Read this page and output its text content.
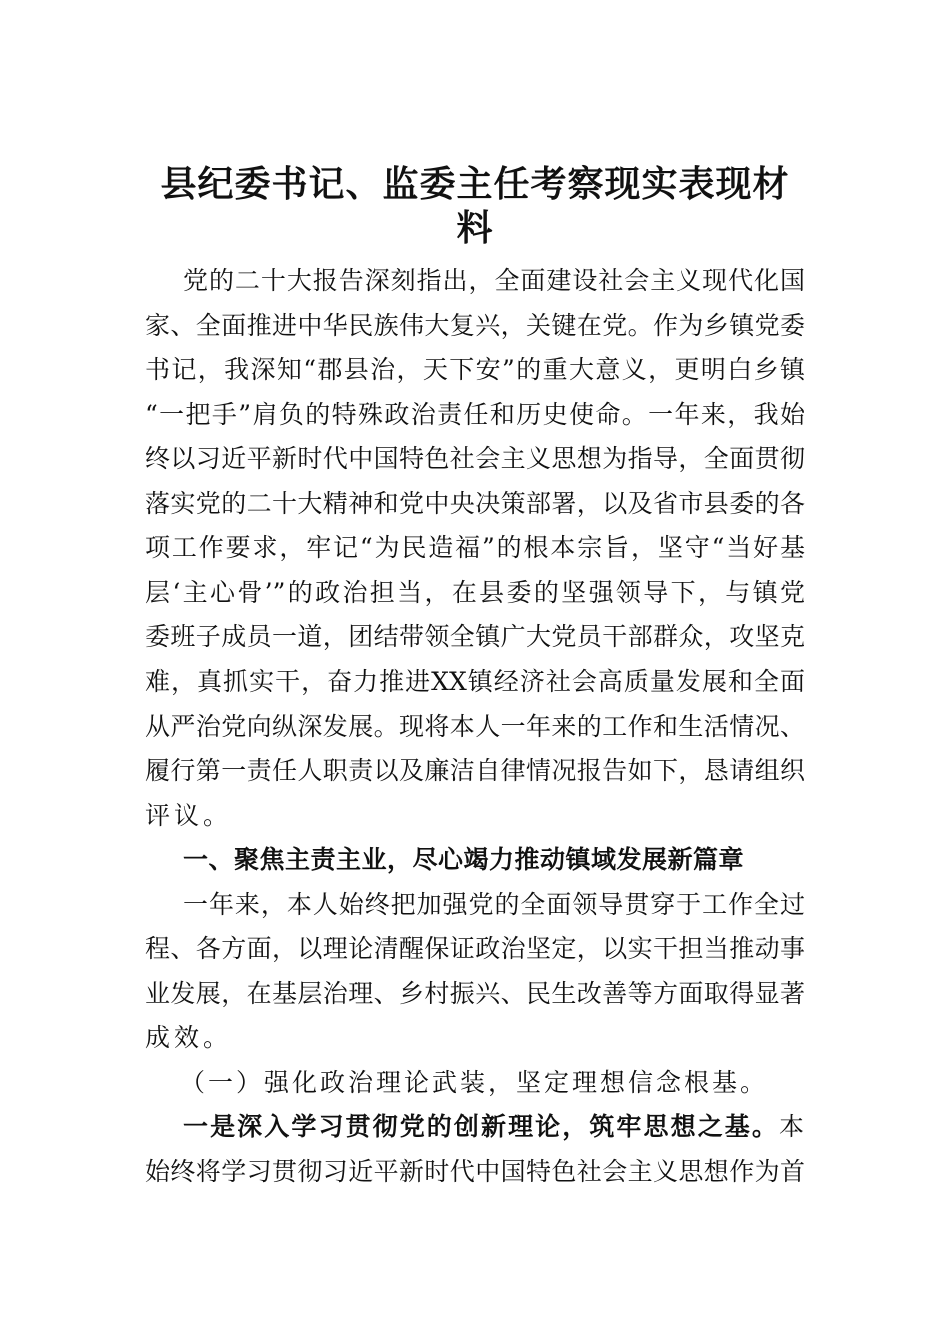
县纪委书记、监委主任考察现实表现材料
党的二十大报告深刻指出，全面建设社会主义现代化国
家、全面推进中华民族伟大复兴，关键在党。作为乡镇党委
书记，我深知“郡县治，天下安”的重大意义，更明白乡镇
“一把手”肩负的特殊政治责任和历史使命。一年来，我始
终以习近平新时代中国特色社会主义思想为指导，全面贯彻
落实党的二十大精神和党中央决策部署，以及省市县委的各
项工作要求，牢记“为民造福”的根本宗旨，坚守“当好基
层‘主心骨’”的政治担当，在县委的坚强领导下，与镇党
委班子成员一道，团结带领全镇广大党员干部群众，攻坚克
难，真抓实干，奋力推进XX镇经济社会高质量发展和全面
从严治党向纵深发展。现将本人一年来的工作和生活情况、
履行第一责任人职责以及廉洁自律情况报告如下，恳请组织
评议。
一、聚焦主责主业，尽心竭力推动镇域发展新篇章
一年来，本人始终把加强党的全面领导贯穿于工作全过
程、各方面，以理论清醒保证政治坚定，以实干担当推动事
业发展，在基层治理、乡村振兴、民生改善等方面取得显著
成效。
（一）强化政治理论武装，坚定理想信念根基。
一是深入学习贯彻党的创新理论，筑牢思想之基。本
始终将学习贯彻习近平新时代中国特色社会主义思想作为首
